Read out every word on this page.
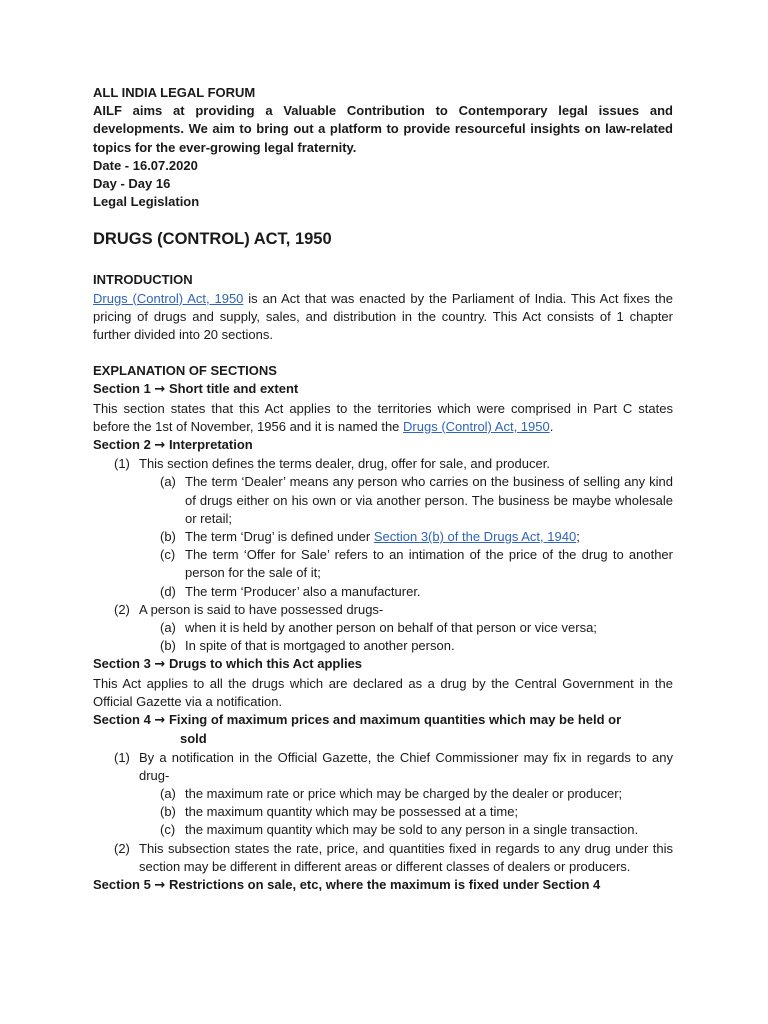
ALL INDIA LEGAL FORUM
AILF aims at providing a Valuable Contribution to Contemporary legal issues and developments. We aim to bring out a platform to provide resourceful insights on law-related topics for the ever-growing legal fraternity.
Date - 16.07.2020
Day - Day 16
Legal Legislation
DRUGS (CONTROL) ACT, 1950
INTRODUCTION
Drugs (Control) Act, 1950 is an Act that was enacted by the Parliament of India. This Act fixes the pricing of drugs and supply, sales, and distribution in the country. This Act consists of 1 chapter further divided into 20 sections.
EXPLANATION OF SECTIONS
Section 1 → Short title and extent
This section states that this Act applies to the territories which were comprised in Part C states before the 1st of November, 1956 and it is named the Drugs (Control) Act, 1950.
Section 2 → Interpretation
(1) This section defines the terms dealer, drug, offer for sale, and producer.
(a) The term ‘Dealer’ means any person who carries on the business of selling any kind of drugs either on his own or via another person. The business be maybe wholesale or retail;
(b) The term ‘Drug’ is defined under Section 3(b) of the Drugs Act, 1940;
(c) The term ‘Offer for Sale’ refers to an intimation of the price of the drug to another person for the sale of it;
(d) The term ‘Producer’ also a manufacturer.
(2) A person is said to have possessed drugs-
(a) when it is held by another person on behalf of that person or vice versa;
(b) In spite of that is mortgaged to another person.
Section 3 → Drugs to which this Act applies
This Act applies to all the drugs which are declared as a drug by the Central Government in the Official Gazette via a notification.
Section 4 → Fixing of maximum prices and maximum quantities which may be held or
sold
(1) By a notification in the Official Gazette, the Chief Commissioner may fix in regards to any drug-
(a) the maximum rate or price which may be charged by the dealer or producer;
(b) the maximum quantity which may be possessed at a time;
(c) the maximum quantity which may be sold to any person in a single transaction.
(2) This subsection states the rate, price, and quantities fixed in regards to any drug under this section may be different in different areas or different classes of dealers or producers.
Section 5 → Restrictions on sale, etc, where the maximum is fixed under Section 4
